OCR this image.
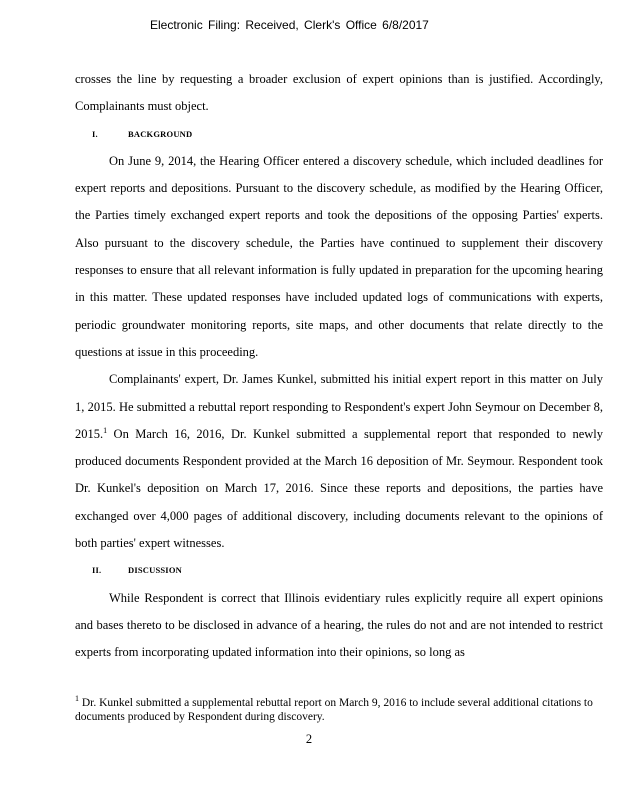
Electronic Filing: Received, Clerk's Office 6/8/2017

crosses the line by requesting a broader exclusion of expert opinions than is justified. Accordingly, Complainants must object.

I.	BACKGROUND

On June 9, 2014, the Hearing Officer entered a discovery schedule, which included deadlines for expert reports and depositions. Pursuant to the discovery schedule, as modified by the Hearing Officer, the Parties timely exchanged expert reports and took the depositions of the opposing Parties' experts. Also pursuant to the discovery schedule, the Parties have continued to supplement their discovery responses to ensure that all relevant information is fully updated in preparation for the upcoming hearing in this matter. These updated responses have included updated logs of communications with experts, periodic groundwater monitoring reports, site maps, and other documents that relate directly to the questions at issue in this proceeding.

Complainants' expert, Dr. James Kunkel, submitted his initial expert report in this matter on July 1, 2015. He submitted a rebuttal report responding to Respondent's expert John Seymour on December 8, 2015.$^1$ On March 16, 2016, Dr. Kunkel submitted a supplemental report that responded to newly produced documents Respondent provided at the March 16 deposition of Mr. Seymour. Respondent took Dr. Kunkel's deposition on March 17, 2016. Since these reports and depositions, the parties have exchanged over 4,000 pages of additional discovery, including documents relevant to the opinions of both parties' expert witnesses.

II.	DISCUSSION

While Respondent is correct that Illinois evidentiary rules explicitly require all expert opinions and bases thereto to be disclosed in advance of a hearing, the rules do not and are not intended to restrict experts from incorporating updated information into their opinions, so long as

$^1$ Dr. Kunkel submitted a supplemental rebuttal report on March 9, 2016 to include several additional citations to documents produced by Respondent during discovery.
2
